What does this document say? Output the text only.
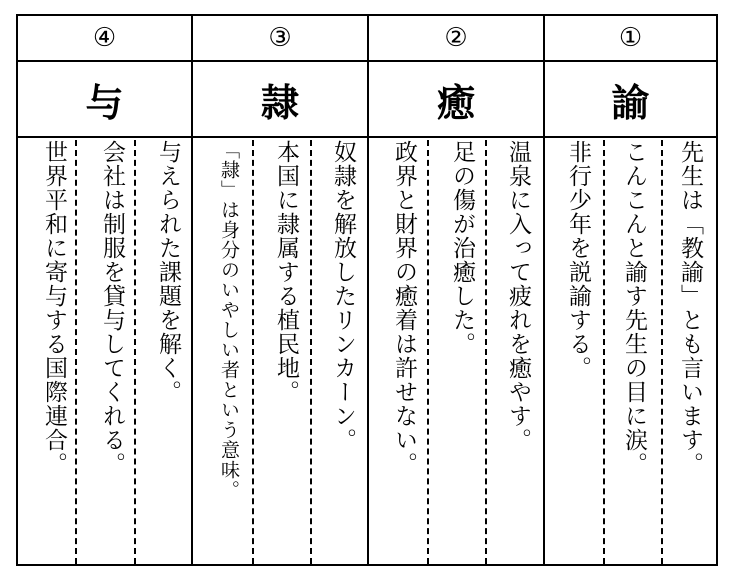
④
与
与えられた課題を解く。
会社は制服を貸与してくれる。
世界平和に寄与する国際連合。
③
隷
奴隷を解放したリンカーン。
本国に隷属する植民地。
「隷」は身分のいやしい者という意味。
②
癒
温泉に入って疲れを癒やす。
足の傷が治癒した。
政界と財界の癒着は許せない。
①
諭
先生は「教諭」とも言います。
こんこんと諭す先生の目に涙。
非行少年を説諭する。
